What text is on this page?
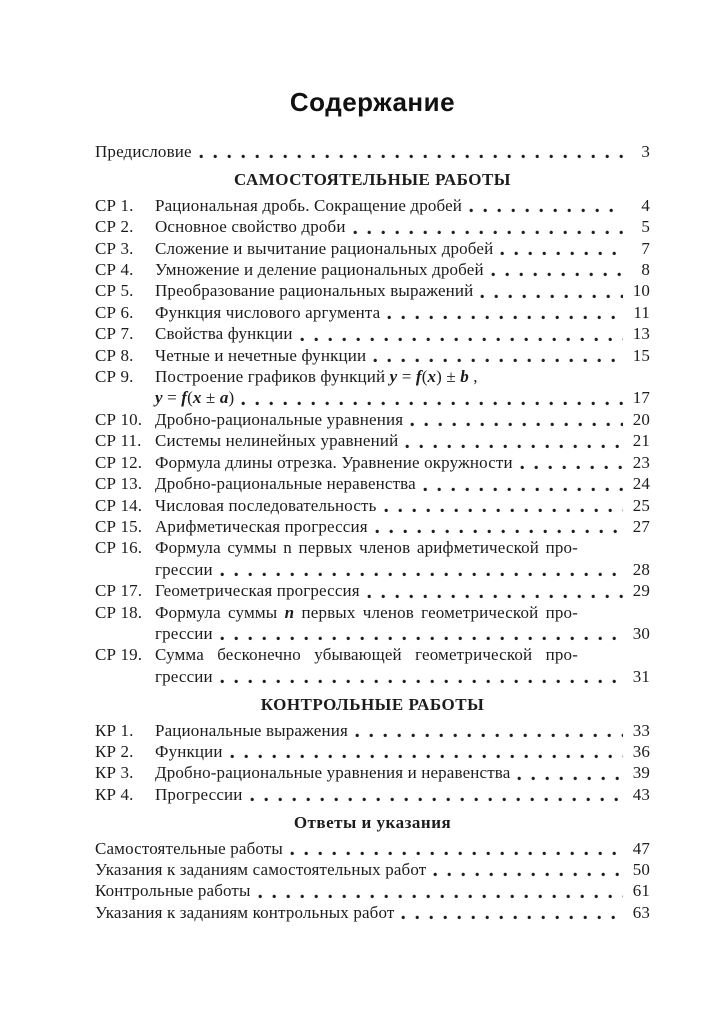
Содержание
Предисловие	3
САМОСТОЯТЕЛЬНЫЕ РАБОТЫ
СР 1.	Рациональная дробь. Сокращение дробей	4
СР 2.	Основное свойство дроби	5
СР 3.	Сложение и вычитание рациональных дробей	7
СР 4.	Умножение и деление рациональных дробей	8
СР 5.	Преобразование рациональных выражений	10
СР 6.	Функция числового аргумента	11
СР 7.	Свойства функции	13
СР 8.	Четные и нечетные функции	15
СР 9.	Построение графиков функций y = f(x) ± b ,
y = f(x ± a)	17
СР 10. Дробно-рациональные уравнения	20
СР 11. Системы нелинейных уравнений	21
СР 12. Формула длины отрезка. Уравнение окружности	23
СР 13. Дробно-рациональные неравенства	24
СР 14. Числовая последовательность	25
СР 15. Арифметическая прогрессия	27
СР 16. Формула суммы n первых членов арифметической про-
грессии	28
СР 17. Геометрическая прогрессия	29
СР 18. Формула суммы n первых членов геометрической про-
грессии	30
СР 19. Сумма бесконечно убывающей геометрической про-
грессии	31
КОНТРОЛЬНЫЕ РАБОТЫ
КР 1.	Рациональные выражения	33
КР 2.	Функции	36
КР 3.	Дробно-рациональные уравнения и неравенства	39
КР 4.	Прогрессии	43
Ответы и указания
Самостоятельные работы	47
Указания к заданиям самостоятельных работ	50
Контрольные работы	61
Указания к заданиям контрольных работ	63
